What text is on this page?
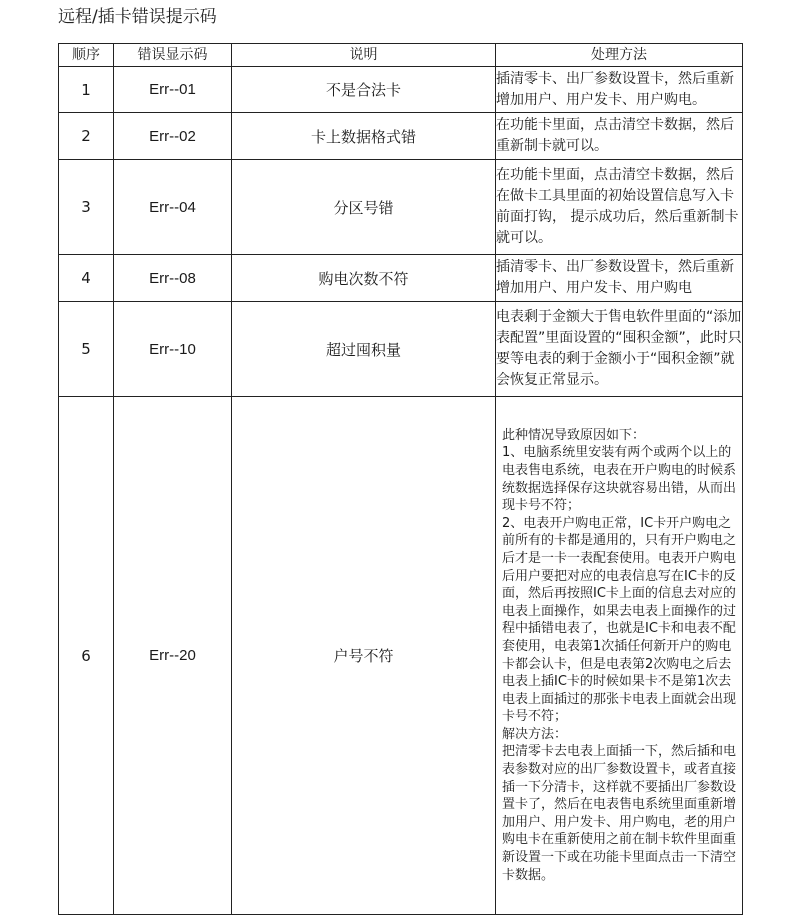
远程/插卡错误提示码
顺序	错误显示码	说明	处理方法
1	Err--01	不是合法卡	插清零卡、出厂参数设置卡，然后重新增加用户、用户发卡、用户购电。

2	Err--02	卡上数据格式错	在功能卡里面，点击清空卡数据，然后重新制卡就可以。

3	Err--04	分区号错	在功能卡里面，点击清空卡数据，然后在做卡工具里面的初始设置信息写入卡前面打钩， 提示成功后，然后重新制卡就可以。

4	Err--08	购电次数不符	插清零卡、出厂参数设置卡，然后重新增加用户、用户发卡、用户购电

5	Err--10	超过囤积量	电表剩于金额大于售电软件里面的“添加表配置”里面设置的“囤积金额”，此时只要等电表的剩于金额小于“囤积金额”就会恢复正常显示。

6	Err--20	户号不符	此种情况导致原因如下：

1、电脑系统里安装有两个或两个以上的电表售电系统，电表在开户购电的时候系统数据选择保存这块就容易出错，从而出现卡号不符；

2、电表开户购电正常，IC卡开户购电之前所有的卡都是通用的，只有开户购电之后才是一卡一表配套使用。电表开户购电后用户要把对应的电表信息写在IC卡的反面，然后再按照IC卡上面的信息去对应的电表上面操作，如果去电表上面操作的过程中插错电表了，也就是IC卡和电表不配套使用，电表第1次插任何新开户的购电卡都会认卡，但是电表第2次购电之后去电表上插IC卡的时候如果卡不是第1次去电表上面插过的那张卡电表上面就会出现卡号不符；

解决方法：

把清零卡去电表上面插一下，然后插和电表参数对应的出厂参数设置卡，或者直接插一下分清卡，这样就不要插出厂参数设置卡了，然后在电表售电系统里面重新增加用户、用户发卡、用户购电，老的用户购电卡在重新使用之前在制卡软件里面重新设置一下或在功能卡里面点击一下清空卡数据。
